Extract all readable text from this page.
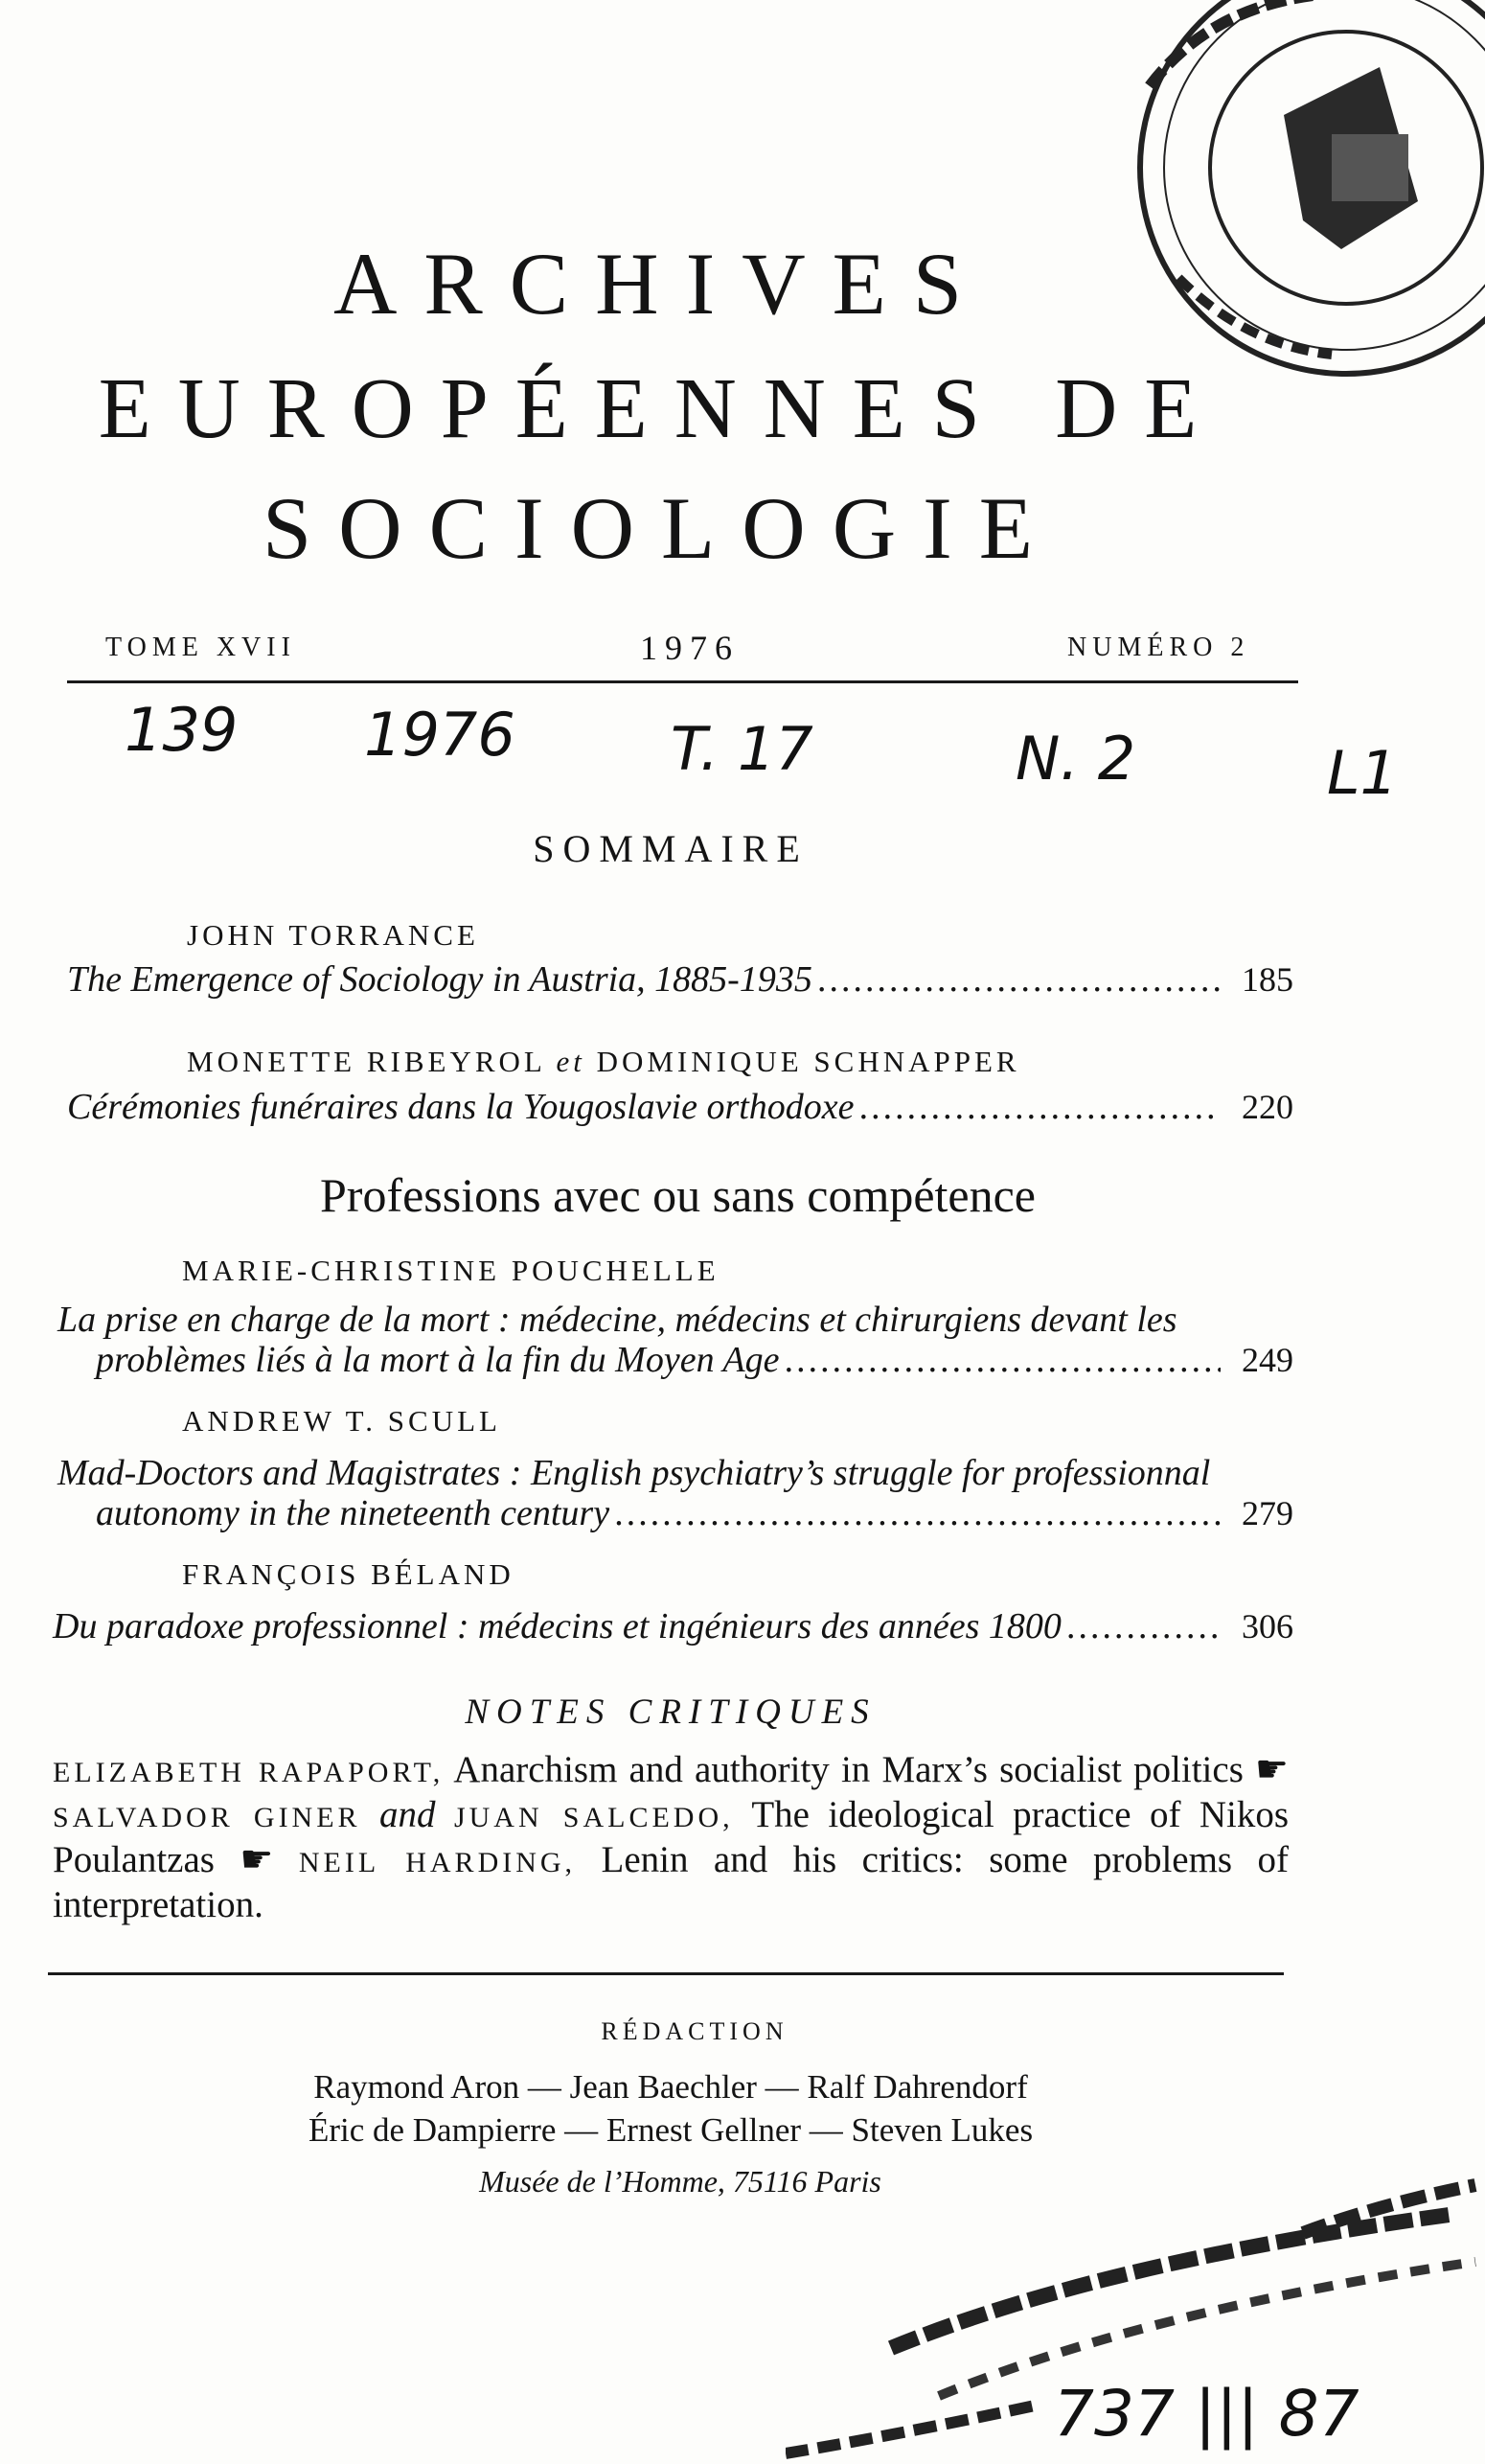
ARCHIVES
EUROPÉENNES DE
SOCIOLOGIE
TOME XVII	1976	NUMÉRO 2
139 1976	T. 17	N. 2	L1
SOMMAIRE
JOHN TORRANCE
The Emergence of Sociology in Austria, 1885-1935 .....	185
MONETTE RIBEYROL et DOMINIQUE SCHNAPPER
Cérémonies funéraires dans la Yougoslavie orthodoxe .....	220
Professions avec ou sans compétence
MARIE-CHRISTINE POUCHELLE
La prise en charge de la mort : médecine, médecins et chirurgiens devant les
problèmes liés à la mort à la fin du Moyen Age .....	249
ANDREW T. SCULL
Mad-Doctors and Magistrates : English psychiatry’s struggle for professionnal
autonomy in the nineteenth century .....	279
FRANÇOIS BÉLAND
Du paradoxe professionnel : médecins et ingénieurs des années 1800 .....	306
NOTES CRITIQUES
ELIZABETH RAPAPORT, Anarchism and authority in Marx’s socialist politics ☛ SALVADOR GINER and JUAN SALCEDO, The ideological practice of Nikos Poulantzas ☛ NEIL HARDING, Lenin and his critics: some problems of interpretation.
RÉDACTION
Raymond Aron — Jean Baechler — Ralf Dahrendorf
Éric de Dampierre — Ernest Gellner — Steven Lukes
Musée de l’Homme, 75116 Paris
737 ||| 87
